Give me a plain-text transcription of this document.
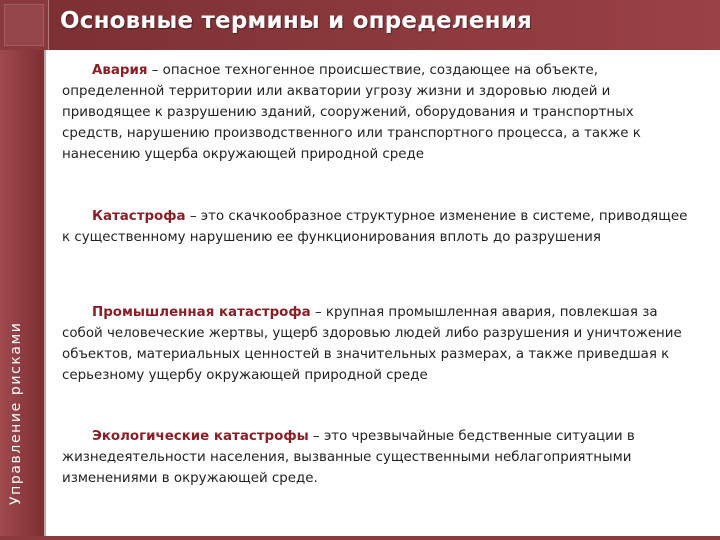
Основные термины и определения
Управление рисками
Авария – опасное техногенное происшествие, создающее на объекте, определенной территории или акватории угрозу жизни и здоровью людей и приводящее к разрушению зданий, сооружений, оборудования и транспортных средств, нарушению производственного или транспортного процесса, а также к нанесению ущерба окружающей природной среде
Катастрофа – это скачкообразное структурное изменение в системе, приводящее к существенному нарушению ее функционирования вплоть до разрушения
Промышленная катастрофа – крупная промышленная авария, повлекшая за собой человеческие жертвы, ущерб здоровью людей либо разрушения и уничтожение объектов, материальных ценностей в значительных размерах, а также приведшая к серьезному ущербу окружающей природной среде
Экологические катастрофы – это чрезвычайные бедственные ситуации в жизнедеятельности населения, вызванные существенными неблагоприятными изменениями в окружающей среде.
